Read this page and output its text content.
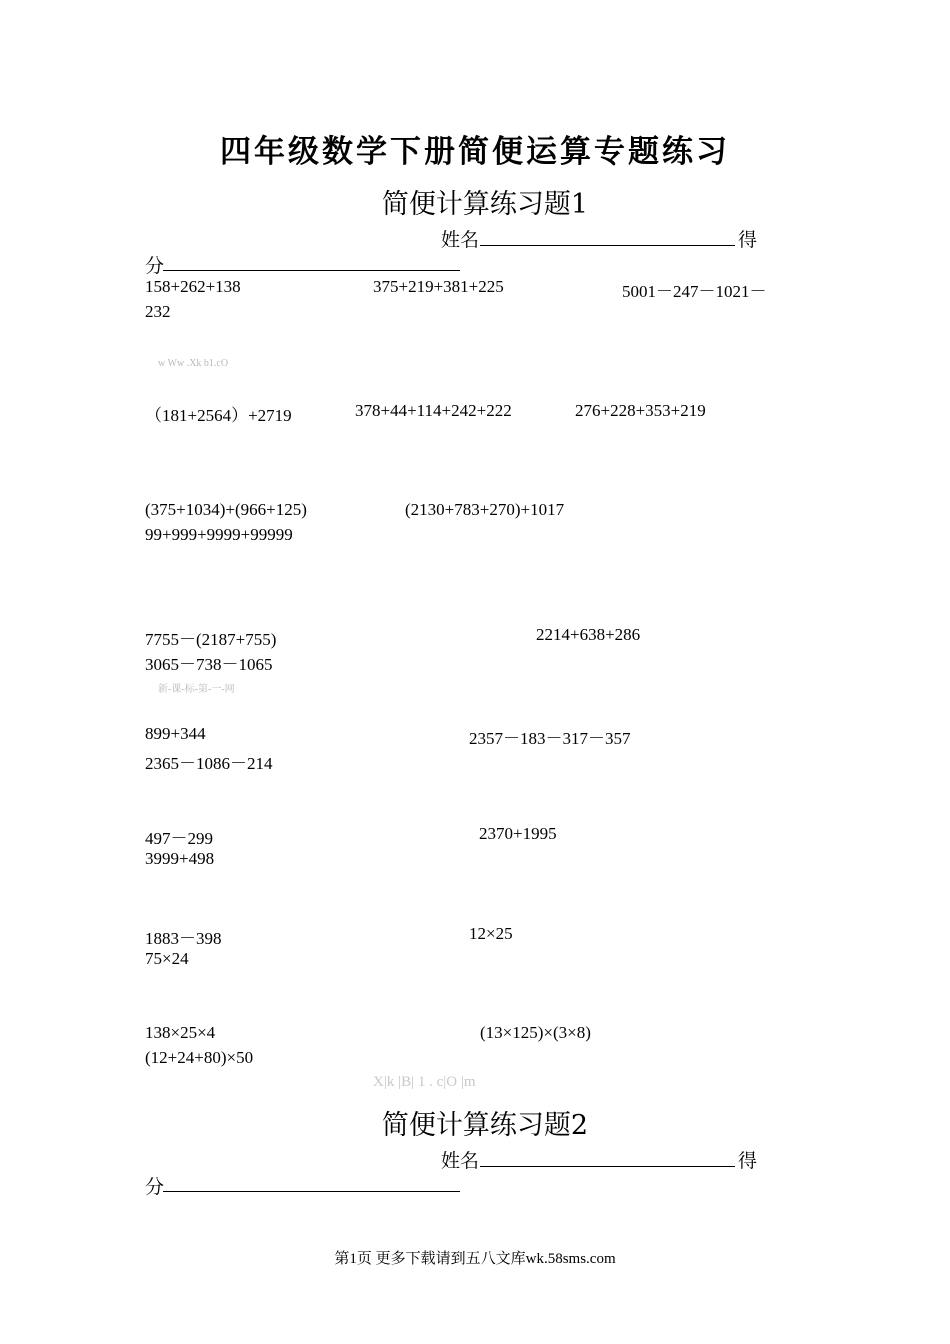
四年级数学下册简便运算专题练习
简便计算练习题1
姓名	得
分
158+262+138	375+219+381+225	5001－247－1021－
232
w Ww .Xk b1.cO
（181+2564）+2719	378+44+114+242+222	276+228+353+219
(375+1034)+(966+125)	(2130+783+270)+1017
99+999+9999+99999
7755－(2187+755)	2214+638+286
3065－738－1065
新-课-标-第-一-网
899+344	2357－183－317－357
2365－1086－214
497－299	2370+1995
3999+498
1883－398	12×25
75×24
138×25×4	(13×125)×(3×8)
(12+24+80)×50
X|k |B| 1 . c|O |m
简便计算练习题2
姓名	得
分
第1页 更多下载请到五八文库wk.58sms.com
